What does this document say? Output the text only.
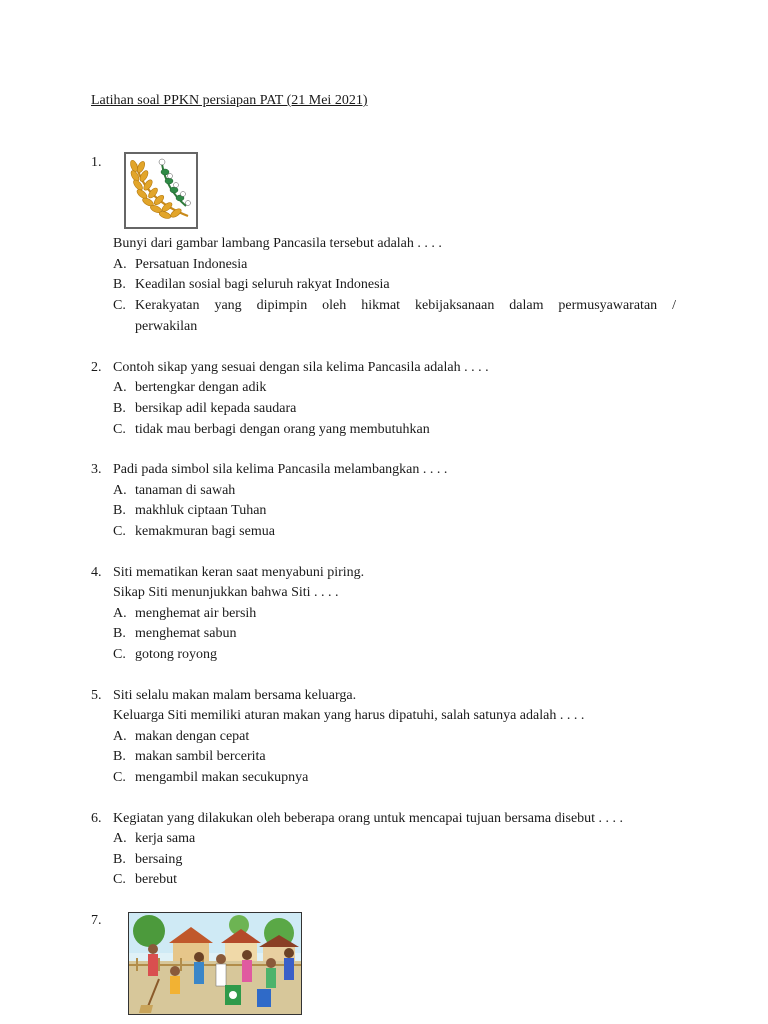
Latihan soal PPKN persiapan PAT (21 Mei 2021)
1.
Bunyi dari gambar lambang Pancasila tersebut adalah . . . .
A. Persatuan Indonesia
B. Keadilan sosial bagi seluruh rakyat Indonesia
C. Kerakyatan yang dipimpin oleh hikmat kebijaksanaan dalam permusyawaratan /
perwakilan
2. Contoh sikap yang sesuai dengan sila kelima Pancasila adalah . . . .
A. bertengkar dengan adik
B. bersikap adil kepada saudara
C. tidak mau berbagi dengan orang yang membutuhkan
3. Padi pada simbol sila kelima Pancasila melambangkan . . . .
A. tanaman di sawah
B. makhluk ciptaan Tuhan
C. kemakmuran bagi semua
4. Siti mematikan keran saat menyabuni piring.
Sikap Siti menunjukkan bahwa Siti . . . .
A. menghemat air bersih
B. menghemat sabun
C. gotong royong
5. Siti selalu makan malam bersama keluarga.
Keluarga Siti memiliki aturan makan yang harus dipatuhi, salah satunya adalah . . . .
A. makan dengan cepat
B. makan sambil bercerita
C. mengambil makan secukupnya
6. Kegiatan yang dilakukan oleh beberapa orang untuk mencapai tujuan bersama disebut . . . .
A. kerja sama
B. bersaing
C. berebut
7.
